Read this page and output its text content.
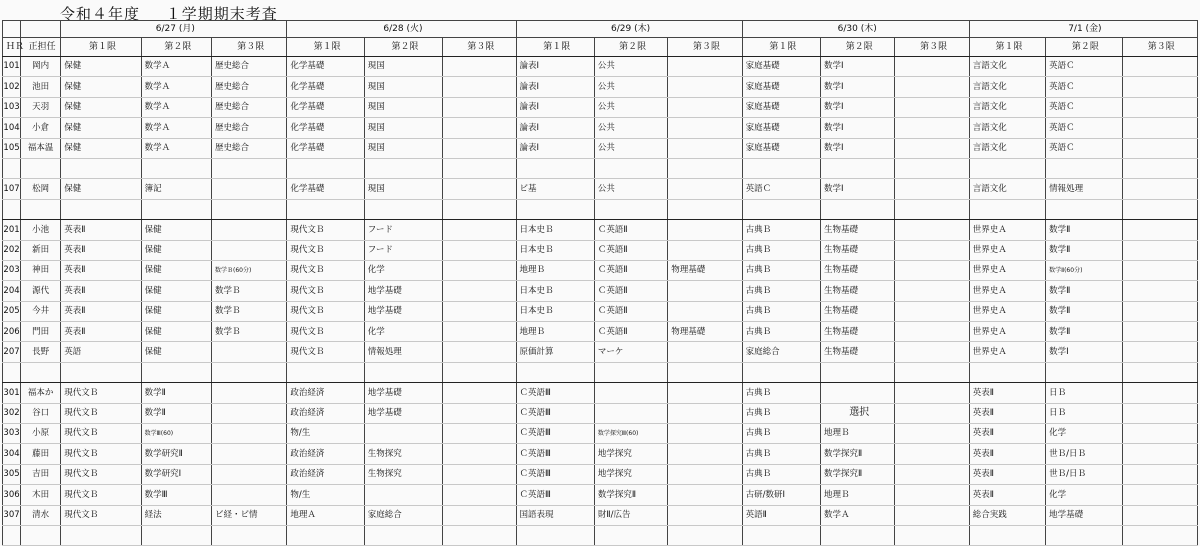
令和４年度 １学期期末考査
		6/27 (月)			6/28 (火)			6/29 (木)			6/30 (木)			7/1 (金)		
ＨＲ	正担任	第１限	第２限	第３限	第１限	第２限	第３限	第１限	第２限	第３限	第１限	第２限	第３限	第１限	第２限	第３限
101	岡内	保健	数学Ａ	歴史総合	化学基礎	現国		論表Ⅰ	公共		家庭基礎	数学Ⅰ		言語文化	英語Ｃ	
102	池田	保健	数学Ａ	歴史総合	化学基礎	現国		論表Ⅰ	公共		家庭基礎	数学Ⅰ		言語文化	英語Ｃ	
103	天羽	保健	数学Ａ	歴史総合	化学基礎	現国		論表Ⅰ	公共		家庭基礎	数学Ⅰ		言語文化	英語Ｃ	
104	小倉	保健	数学Ａ	歴史総合	化学基礎	現国		論表Ⅰ	公共		家庭基礎	数学Ⅰ		言語文化	英語Ｃ	
105	福本温	保健	数学Ａ	歴史総合	化学基礎	現国		論表Ⅰ	公共		家庭基礎	数学Ⅰ		言語文化	英語Ｃ	

107	松岡	保健	簿記		化学基礎	現国		ビ基	公共		英語Ｃ	数学Ⅰ		言語文化	情報処理	

201	小池	英表Ⅱ	保健		現代文Ｂ	フード		日本史Ｂ	Ｃ英語Ⅱ		古典Ｂ	生物基礎		世界史Ａ	数学Ⅱ	
202	新田	英表Ⅱ	保健		現代文Ｂ	フード		日本史Ｂ	Ｃ英語Ⅱ		古典Ｂ	生物基礎		世界史Ａ	数学Ⅱ	
203	神田	英表Ⅱ	保健	数学Ｂ(60分)	現代文Ｂ	化学		地理Ｂ	Ｃ英語Ⅱ	物理基礎	古典Ｂ	生物基礎		世界史Ａ	数学Ⅱ(60分)	
204	源代	英表Ⅱ	保健	数学Ｂ	現代文Ｂ	地学基礎		日本史Ｂ	Ｃ英語Ⅱ		古典Ｂ	生物基礎		世界史Ａ	数学Ⅱ	
205	今井	英表Ⅱ	保健	数学Ｂ	現代文Ｂ	地学基礎		日本史Ｂ	Ｃ英語Ⅱ		古典Ｂ	生物基礎		世界史Ａ	数学Ⅱ	
206	門田	英表Ⅱ	保健	数学Ｂ	現代文Ｂ	化学		地理Ｂ	Ｃ英語Ⅱ	物理基礎	古典Ｂ	生物基礎		世界史Ａ	数学Ⅱ	
207	長野	英語	保健		現代文Ｂ	情報処理		原価計算	マーケ		家庭総合	生物基礎		世界史Ａ	数学Ⅰ	

301	福本か	現代文Ｂ	数学Ⅱ		政治経済	地学基礎		Ｃ英語Ⅲ			古典Ｂ			英表Ⅱ	日Ｂ	
302	谷口	現代文Ｂ	数学Ⅱ		政治経済	地学基礎		Ｃ英語Ⅲ			古典Ｂ	選択		英表Ⅱ	日Ｂ	
303	小原	現代文Ｂ	数学Ⅲ(60)		物/生			Ｃ英語Ⅲ	数学探究Ⅲ(60)		古典Ｂ	地理Ｂ		英表Ⅱ	化学	
304	藤田	現代文Ｂ	数学研究Ⅱ		政治経済	生物探究		Ｃ英語Ⅲ	地学探究		古典Ｂ	数学探究Ⅱ		英表Ⅱ	世Ｂ/日Ｂ	
305	吉田	現代文Ｂ	数学研究Ⅰ		政治経済	生物探究		Ｃ英語Ⅲ	地学探究		古典Ｂ	数学探究Ⅱ		英表Ⅱ	世Ｂ/日Ｂ	
306	木田	現代文Ｂ	数学Ⅲ		物/生			Ｃ英語Ⅲ	数学探究Ⅱ		古研/数研Ⅰ	地理Ｂ		英表Ⅱ	化学	
307	清水	現代文Ｂ	経法	ビ経・ビ情	地理Ａ	家庭総合		国語表現	財Ⅱ/広告		英語Ⅱ	数学Ａ		総合実践	地学基礎	
